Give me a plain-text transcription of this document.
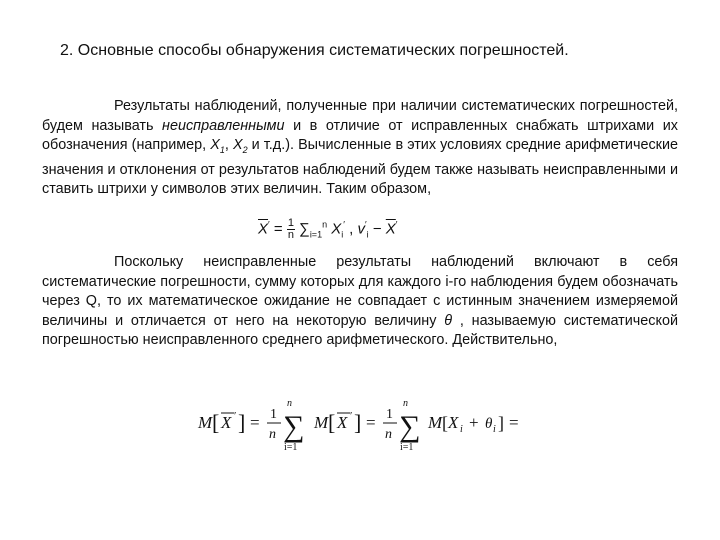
2. Основные способы обнаружения систематических погрешностей.

Результаты наблюдений, полученные при наличии систематических погрешностей, будем называть неисправленными и в отличие от исправленных снабжать штрихами их обозначения (например, $X_1$, $X_2$ и т.д.). Вычисленные в этих условиях средние арифметические значения и отклонения от результатов наблюдений будем также называть неисправленными и ставить штрихи у символов этих величин. Таким образом,

$\overline{X}' = \frac{1}{n} \sum_{i=1}^n$ $X_i'$ , $v'_i - \overline{X}'$

Поскольку неисправленные результаты наблюдений включают в себя систематические погрешности, сумму которых для каждого i-го наблюдения будем обозначать через Q, то их математическое ожидание не совпадает с истинным значением измеряемой величины и отличается от него на некоторую величину θ , называемую систематической погрешностью неисправленного среднего арифметического. Действительно,

M [ X ′ ] = 1
n
n
∑
i=1
M [ X ′ ] = 1
n
n
∑
i=1
M [ X i + θ i ] =
